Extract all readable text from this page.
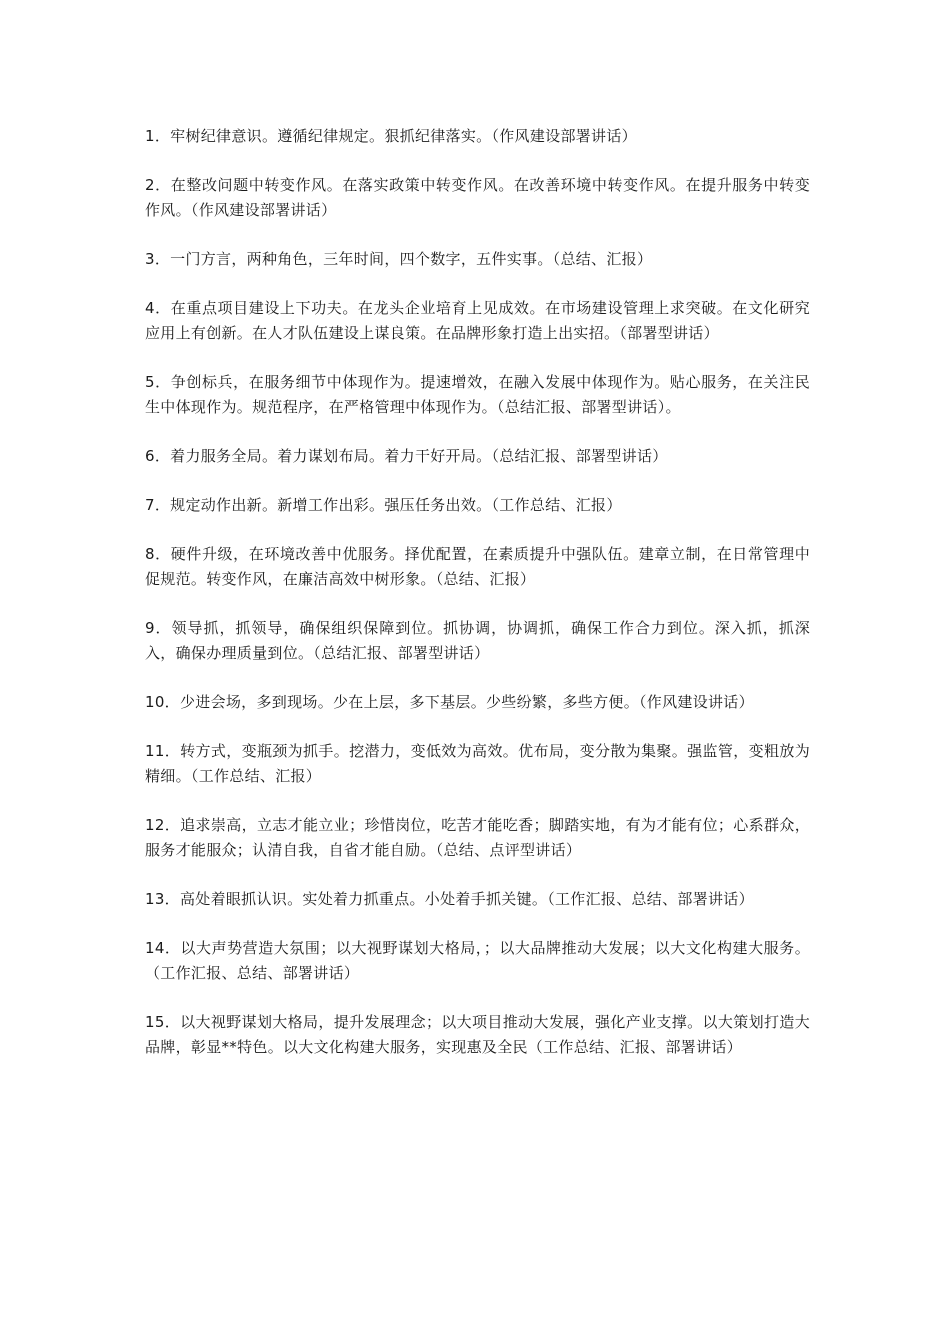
1．牢树纪律意识。遵循纪律规定。狠抓纪律落实。（作风建设部署讲话）

2．在整改问题中转变作风。在落实政策中转变作风。在改善环境中转变作风。在提升服务中转变作风。（作风建设部署讲话）

3．一门方言，两种角色，三年时间，四个数字，五件实事。（总结、汇报）

4．在重点项目建设上下功夫。在龙头企业培育上见成效。在市场建设管理上求突破。在文化研究应用上有创新。在人才队伍建设上谋良策。在品牌形象打造上出实招。（部署型讲话）

5．争创标兵，在服务细节中体现作为。提速增效，在融入发展中体现作为。贴心服务，在关注民生中体现作为。规范程序，在严格管理中体现作为。（总结汇报、部署型讲话）。

6．着力服务全局。着力谋划布局。着力干好开局。（总结汇报、部署型讲话）

7．规定动作出新。新增工作出彩。强压任务出效。（工作总结、汇报）

8．硬件升级，在环境改善中优服务。择优配置，在素质提升中强队伍。建章立制，在日常管理中促规范。转变作风，在廉洁高效中树形象。（总结、汇报）

9．领导抓，抓领导，确保组织保障到位。抓协调，协调抓，确保工作合力到位。深入抓，抓深入，确保办理质量到位。（总结汇报、部署型讲话）

10．少进会场，多到现场。少在上层，多下基层。少些纷繁，多些方便。（作风建设讲话）

11．转方式，变瓶颈为抓手。挖潜力，变低效为高效。优布局，变分散为集聚。强监管，变粗放为精细。（工作总结、汇报）

12．追求崇高，立志才能立业；珍惜岗位，吃苦才能吃香；脚踏实地，有为才能有位；心系群众，服务才能服众；认清自我，自省才能自励。（总结、点评型讲话）

13．高处着眼抓认识。实处着力抓重点。小处着手抓关键。（工作汇报、总结、部署讲话）

14．以大声势营造大氛围；以大视野谋划大格局，；以大品牌推动大发展；以大文化构建大服务。（工作汇报、总结、部署讲话）

15．以大视野谋划大格局，提升发展理念；以大项目推动大发展，强化产业支撑。以大策划打造大品牌，彰显**特色。以大文化构建大服务，实现惠及全民（工作总结、汇报、部署讲话）
